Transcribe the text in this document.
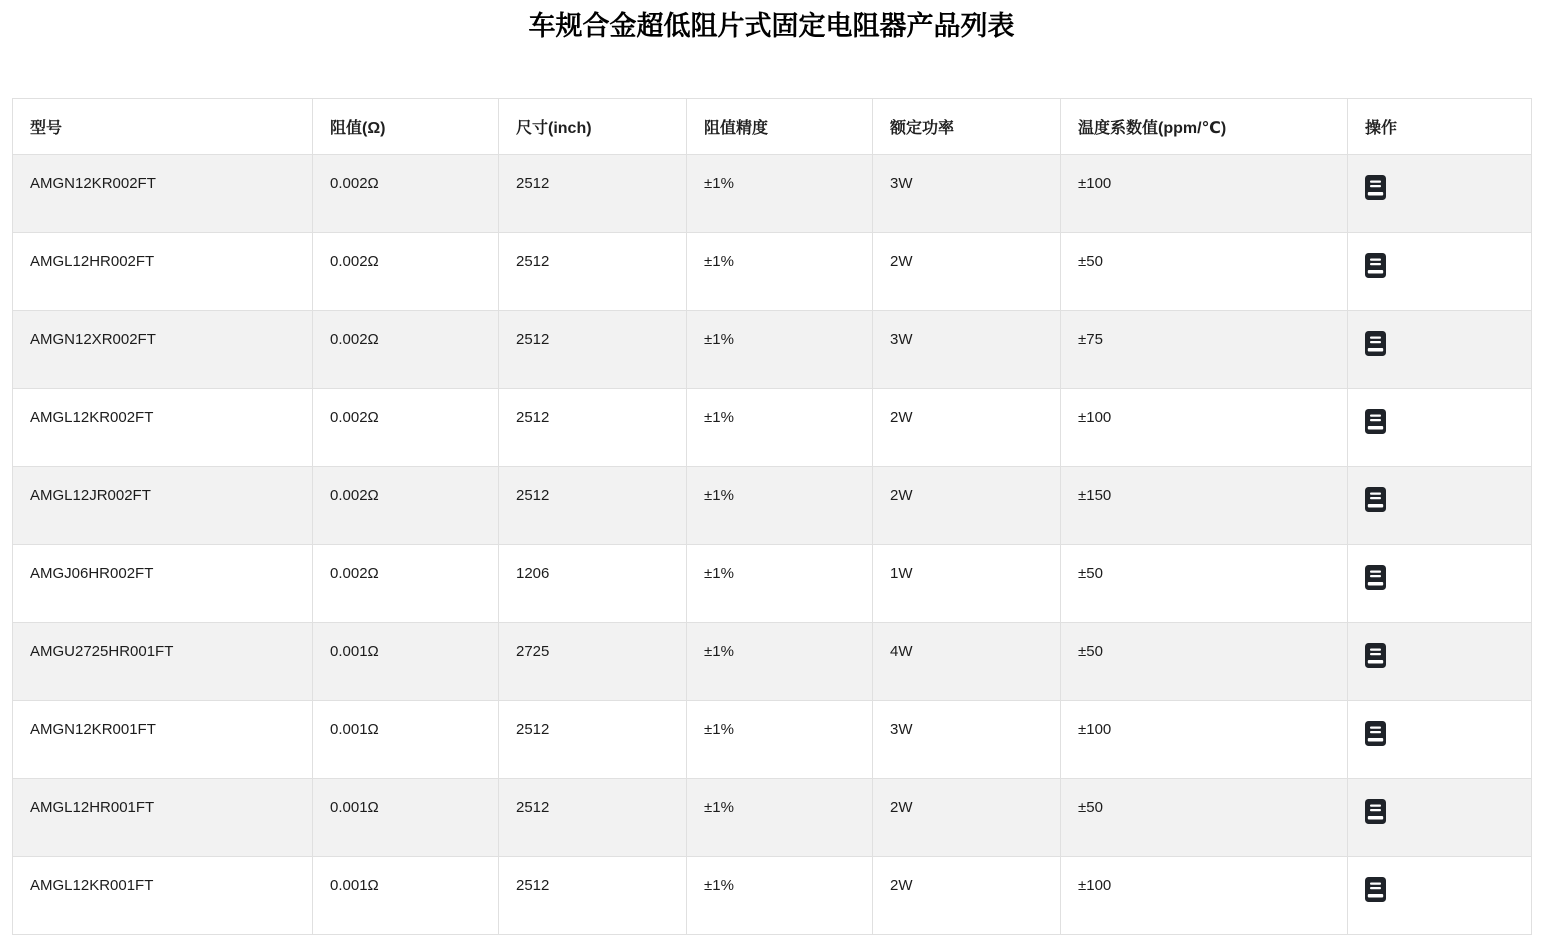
车规合金超低阻片式固定电阻器产品列表
型号	阻值(Ω)	尺寸(inch)	阻值精度	额定功率	温度系数值(ppm/℃)	操作
AMGN12KR002FT	0.002Ω	2512	±1%	3W	±100	

AMGL12HR002FT	0.002Ω	2512	±1%	2W	±50	

AMGN12XR002FT	0.002Ω	2512	±1%	3W	±75	

AMGL12KR002FT	0.002Ω	2512	±1%	2W	±100	

AMGL12JR002FT	0.002Ω	2512	±1%	2W	±150	

AMGJ06HR002FT	0.002Ω	1206	±1%	1W	±50	

AMGU2725HR001FT	0.001Ω	2725	±1%	4W	±50	

AMGN12KR001FT	0.001Ω	2512	±1%	3W	±100	

AMGL12HR001FT	0.001Ω	2512	±1%	2W	±50	

AMGL12KR001FT	0.001Ω	2512	±1%	2W	±100	
